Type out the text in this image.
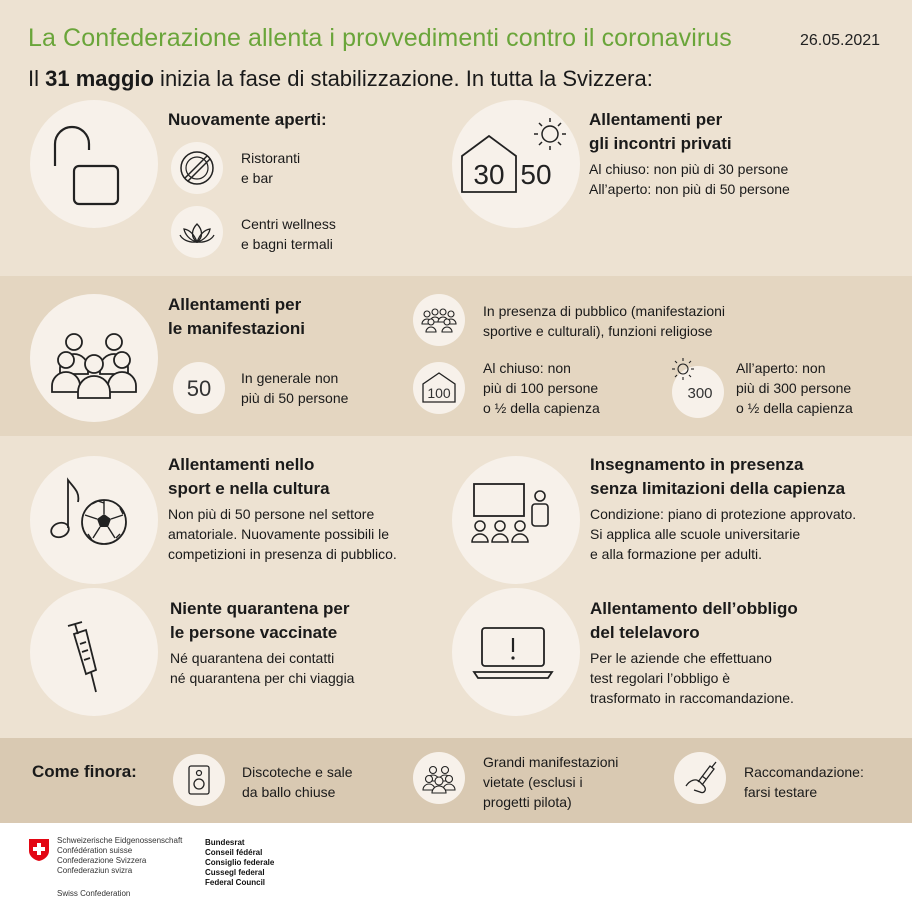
La Confederazione allenta i provvedimenti contro il coronavirus	26.05.2021
Il 31 maggio inizia la fase di stabilizzazione. In tutta la Svizzera:
Nuovamente aperti:
Ristoranti
e bar
Centri wellness
e bagni termali
30 50
Allentamenti per
gli incontri privati
Al chiuso: non più di 30 persone
All’aperto: non più di 50 persone
Allentamenti per
le manifestazioni
50 In generale non
più di 50 persone
In presenza di pubblico (manifestazioni
sportive e culturali), funzioni religiose
100
Al chiuso: non
più di 100 persone
o ½ della capienza
300
All’aperto: non
più di 300 persone
o ½ della capienza
Allentamenti nello
sport e nella cultura
Non più di 50 persone nel settore
amatoriale. Nuovamente possibili le
competizioni in presenza di pubblico.
Insegnamento in presenza
senza limitazioni della capienza
Condizione: piano di protezione approvato.
Si applica alle scuole universitarie
e alla formazione per adulti.
Niente quarantena per
le persone vaccinate
Né quarantena dei contatti
né quarantena per chi viaggia
Allentamento dell’obbligo
del telelavoro
Per le aziende che effettuano
test regolari l’obbligo è
trasformato in raccomandazione.
Come finora:	Discoteche e sale
da ballo chiuse
Grandi manifestazioni
vietate (esclusi i
progetti pilota)
Raccomandazione:
farsi testare
Schweizerische Eidgenossenschaft
Confédération suisse
Confederazione Svizzera
Confederaziun svizra
Swiss Confederation
Bundesrat
Conseil fédéral
Consiglio federale
Cussegl federal
Federal Council
